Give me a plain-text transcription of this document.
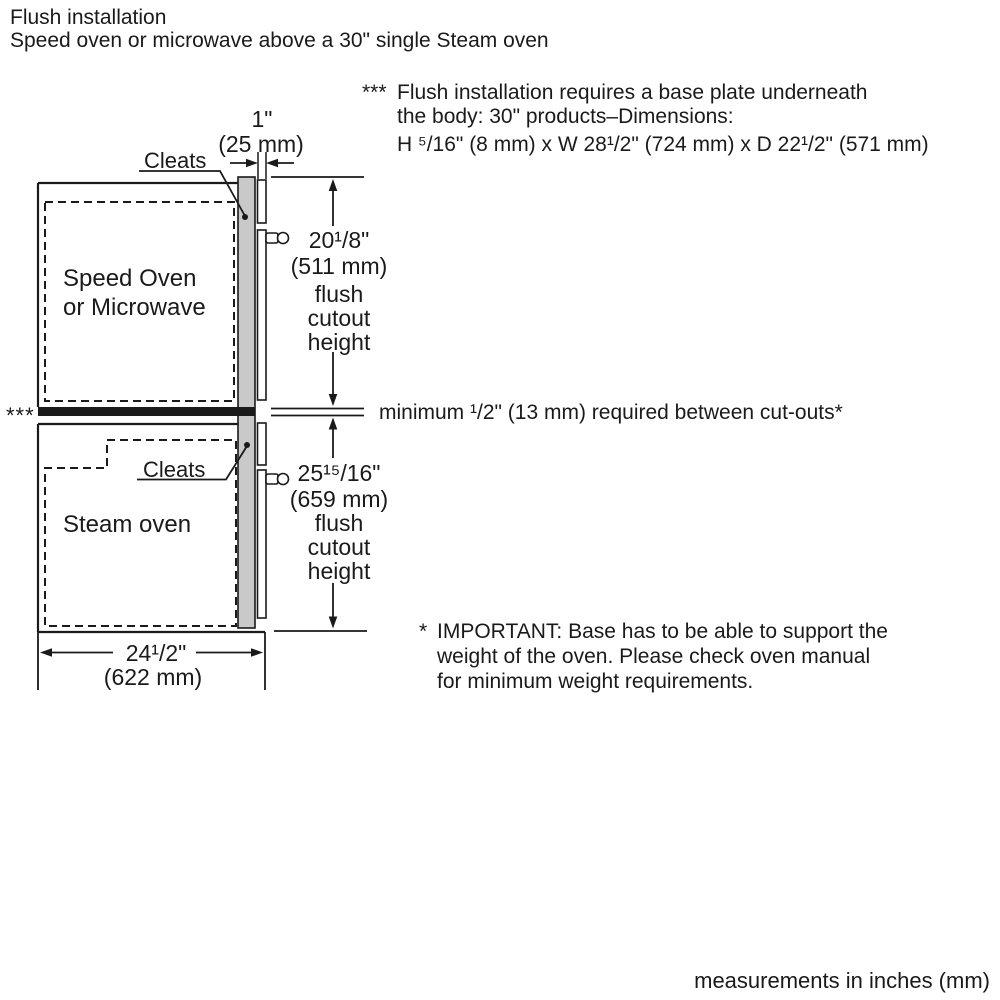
Flush installation
Speed oven or microwave above a 30" single Steam oven
*** Flush installation requires a base plate underneath
the body: 30" products–Dimensions:
H ⁵/16" (8 mm) x W 28¹/2" (724 mm) x D 22¹/2" (571 mm)
1"
(25 mm)
Cleats
Speed Oven
or Microwave
20¹/8"
(511 mm)
flush
cutout
height
***	minimum ¹/2" (13 mm) required between cut-outs*
Cleats
Steam oven
25¹⁵/16"
(659 mm)
flush
cutout
height
24¹/2"
(622 mm)
* IMPORTANT: Base has to be able to support the
weight of the oven. Please check oven manual
for minimum weight requirements.
measurements in inches (mm)
